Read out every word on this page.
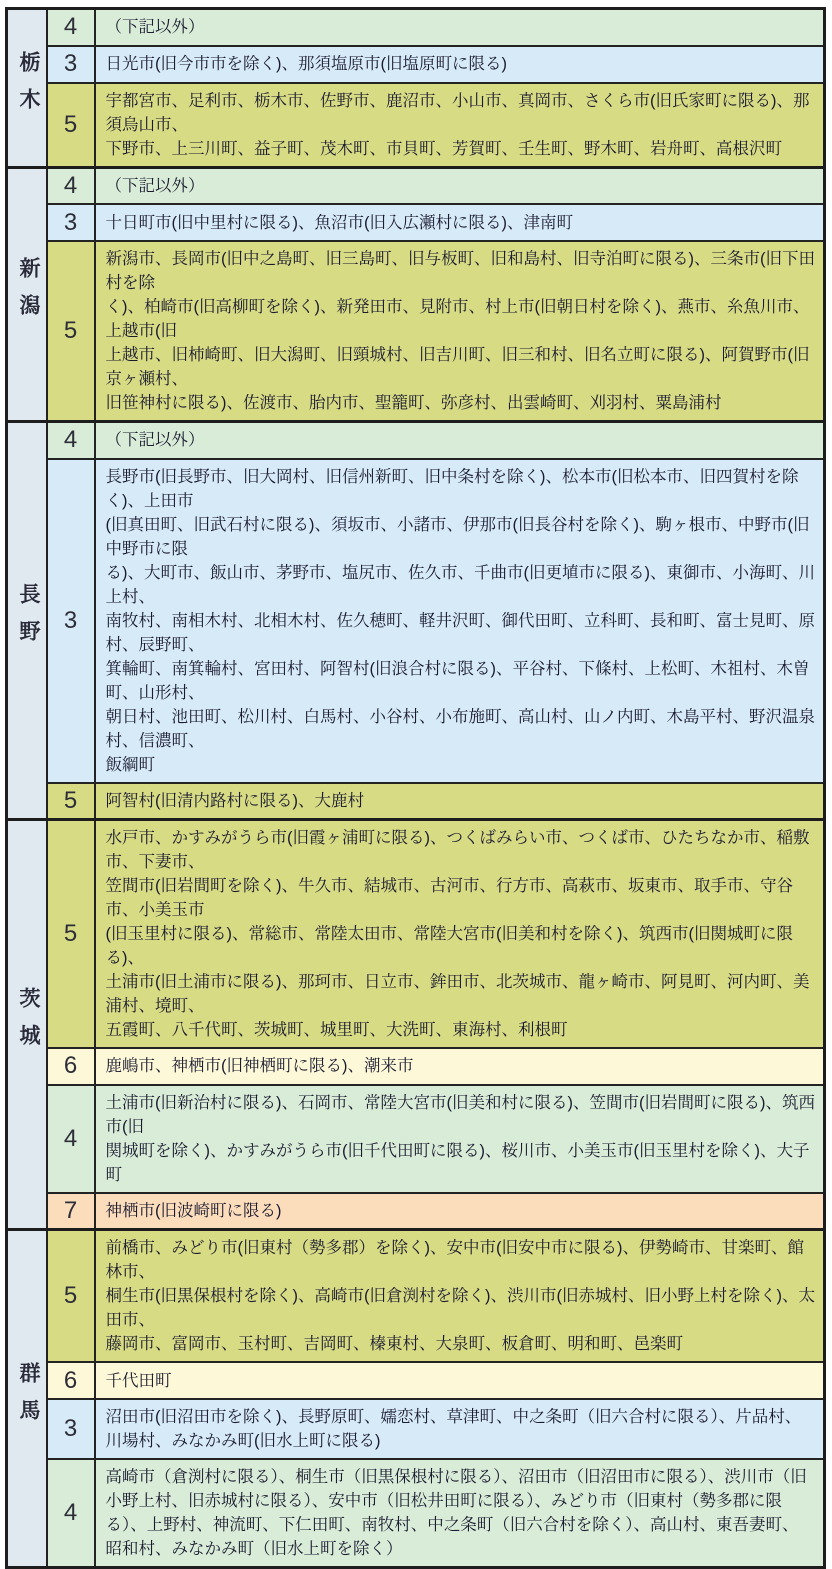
栃木	4	（下記以外）
	3	日光市(旧今市市を除く)、那須塩原市(旧塩原町に限る)
	5	宇都宮市、足利市、栃木市、佐野市、鹿沼市、小山市、真岡市、さくら市(旧氏家町に限る)、那須烏山市、
下野市、上三川町、益子町、茂木町、市貝町、芳賀町、壬生町、野木町、岩舟町、高根沢町

新潟	4	（下記以外）
	3	十日町市(旧中里村に限る)、魚沼市(旧入広瀬村に限る)、津南町
	5	新潟市、長岡市(旧中之島町、旧三島町、旧与板町、旧和島村、旧寺泊町に限る)、三条市(旧下田村を除
く)、柏崎市(旧高柳町を除く)、新発田市、見附市、村上市(旧朝日村を除く)、燕市、糸魚川市、上越市(旧
上越市、旧柿崎町、旧大潟町、旧頸城村、旧吉川町、旧三和村、旧名立町に限る)、阿賀野市(旧京ヶ瀬村、
旧笹神村に限る)、佐渡市、胎内市、聖籠町、弥彦村、出雲崎町、刈羽村、粟島浦村

長野	4	（下記以外）
3	長野市(旧長野市、旧大岡村、旧信州新町、旧中条村を除く)、松本市(旧松本市、旧四賀村を除く)、上田市
(旧真田町、旧武石村に限る)、須坂市、小諸市、伊那市(旧長谷村を除く)、駒ヶ根市、中野市(旧中野市に限
る)、大町市、飯山市、茅野市、塩尻市、佐久市、千曲市(旧更埴市に限る)、東御市、小海町、川上村、
南牧村、南相木村、北相木村、佐久穂町、軽井沢町、御代田町、立科町、長和町、富士見町、原村、辰野町、
箕輪町、南箕輪村、宮田村、阿智村(旧浪合村に限る)、平谷村、下條村、上松町、木祖村、木曽町、山形村、
朝日村、池田町、松川村、白馬村、小谷村、小布施町、高山村、山ノ内町、木島平村、野沢温泉村、信濃町、
飯綱町
	5	阿智村(旧清内路村に限る)、大鹿村

茨城	5	水戸市、かすみがうら市(旧霞ヶ浦町に限る)、つくばみらい市、つくば市、ひたちなか市、稲敷市、下妻市、
笠間市(旧岩間町を除く)、牛久市、結城市、古河市、行方市、高萩市、坂東市、取手市、守谷市、小美玉市
(旧玉里村に限る)、常総市、常陸太田市、常陸大宮市(旧美和村を除く)、筑西市(旧関城町に限る)、
土浦市(旧土浦市に限る)、那珂市、日立市、鉾田市、北茨城市、龍ヶ崎市、阿見町、河内町、美浦村、境町、
五霞町、八千代町、茨城町、城里町、大洗町、東海村、利根町
	6	鹿嶋市、神栖市(旧神栖町に限る)、潮来市
	4	土浦市(旧新治村に限る)、石岡市、常陸大宮市(旧美和村に限る)、笠間市(旧岩間町に限る)、筑西市(旧
関城町を除く)、かすみがうら市(旧千代田町に限る)、桜川市、小美玉市(旧玉里村を除く)、大子町
	7	神栖市(旧波崎町に限る)

群馬	5	前橋市、みどり市(旧東村（勢多郡）を除く)、安中市(旧安中市に限る)、伊勢崎市、甘楽町、館林市、
桐生市(旧黒保根村を除く)、高崎市(旧倉渕村を除く)、渋川市(旧赤城村、旧小野上村を除く)、太田市、
藤岡市、富岡市、玉村町、吉岡町、榛東村、大泉町、板倉町、明和町、邑楽町
	6	千代田町
	3	沼田市(旧沼田市を除く)、長野原町、嬬恋村、草津町、中之条町（旧六合村に限る）、片品村、
川場村、みなかみ町(旧水上町に限る)
	4	高崎市（倉渕村に限る）、桐生市（旧黒保根村に限る）、沼田市（旧沼田市に限る）、渋川市（旧
小野上村、旧赤城村に限る）、安中市（旧松井田町に限る）、みどり市（旧東村（勢多郡に限
る）、上野村、神流町、下仁田町、南牧村、中之条町（旧六合村を除く）、高山村、東吾妻町、
昭和村、みなかみ町（旧水上町を除く）
